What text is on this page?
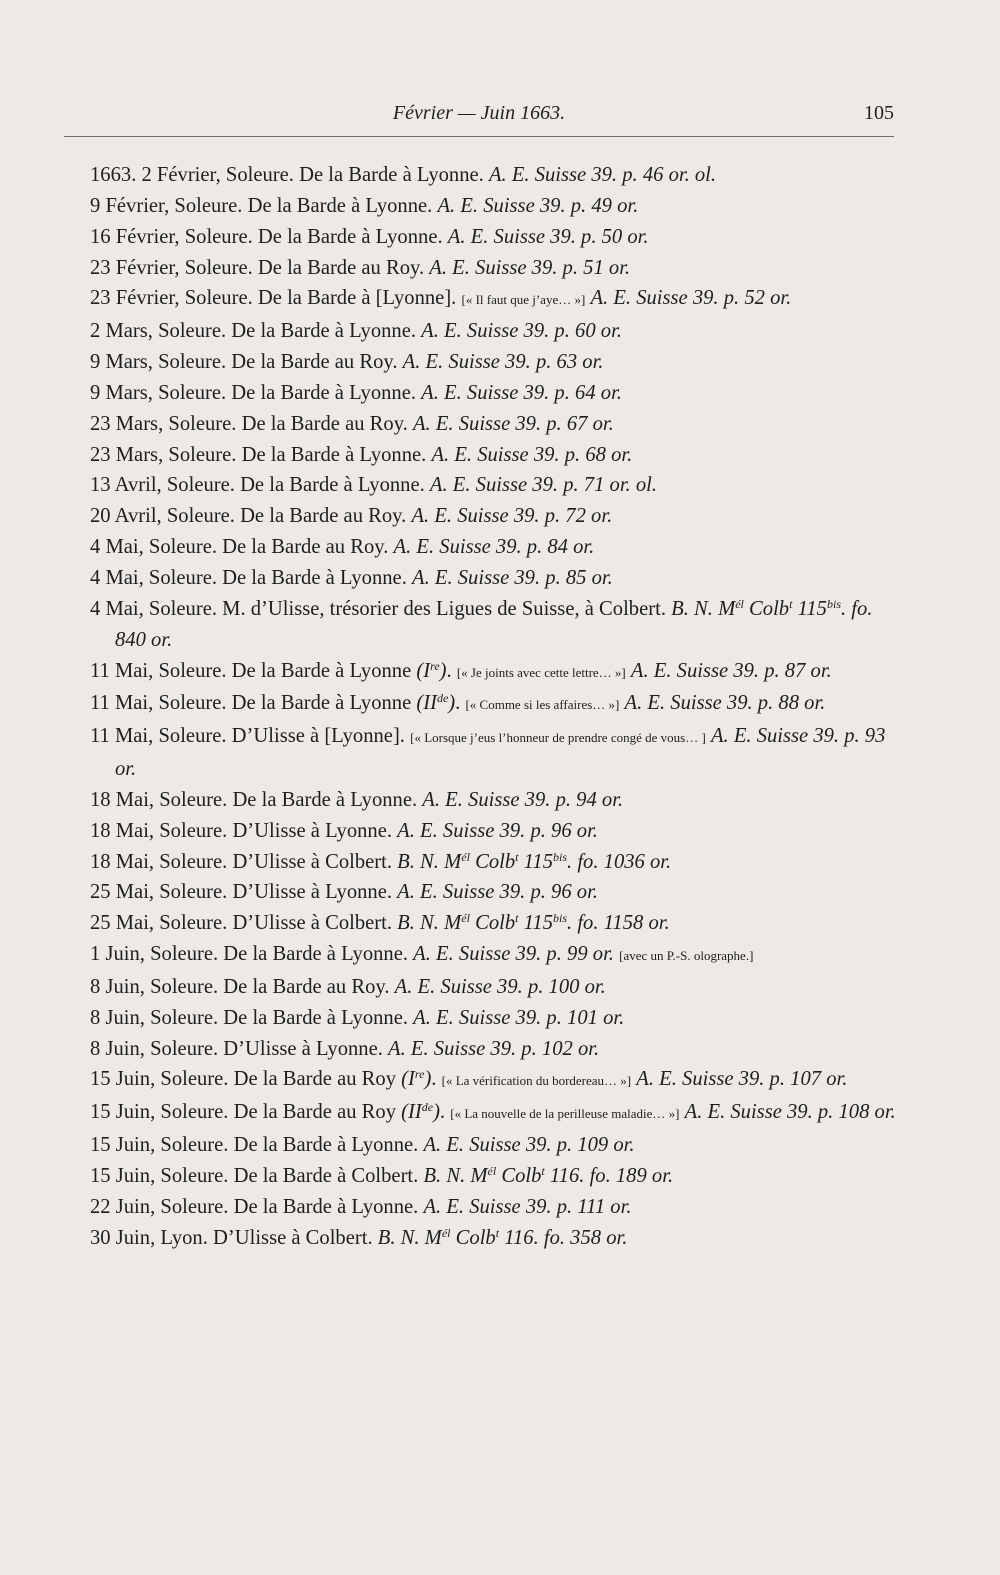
Février — Juin 1663.	105
1663. 2 Février, Soleure. De la Barde à Lyonne. A. E. Suisse 39. p. 46 or. ol.
9 Février, Soleure. De la Barde à Lyonne. A. E. Suisse 39. p. 49 or.
16 Février, Soleure. De la Barde à Lyonne. A. E. Suisse 39. p. 50 or.
23 Février, Soleure. De la Barde au Roy. A. E. Suisse 39. p. 51 or.
23 Février, Soleure. De la Barde à [Lyonne]. [« Il faut que j’aye… »] A. E. Suisse 39. p. 52 or.
2 Mars, Soleure. De la Barde à Lyonne. A. E. Suisse 39. p. 60 or.
9 Mars, Soleure. De la Barde au Roy. A. E. Suisse 39. p. 63 or.
9 Mars, Soleure. De la Barde à Lyonne. A. E. Suisse 39. p. 64 or.
23 Mars, Soleure. De la Barde au Roy. A. E. Suisse 39. p. 67 or.
23 Mars, Soleure. De la Barde à Lyonne. A. E. Suisse 39. p. 68 or.
13 Avril, Soleure. De la Barde à Lyonne. A. E. Suisse 39. p. 71 or. ol.
20 Avril, Soleure. De la Barde au Roy. A. E. Suisse 39. p. 72 or.
4 Mai, Soleure. De la Barde au Roy. A. E. Suisse 39. p. 84 or.
4 Mai, Soleure. De la Barde à Lyonne. A. E. Suisse 39. p. 85 or.
4 Mai, Soleure. M. d’Ulisse, trésorier des Ligues de Suisse, à Colbert. B. N. $M^{él}$ Colb$^t$ $115^{bis}$. fo. 840 or.
11 Mai, Soleure. De la Barde à Lyonne (Ire). [« Je joints avec cette lettre… »] A. E. Suisse 39. p. 87 or.
11 Mai, Soleure. De la Barde à Lyonne (IIde). [« Comme si les affaires… »] A. E. Suisse 39. p. 88 or.
11 Mai, Soleure. D’Ulisse à [Lyonne]. [« Lorsque j’eus l’honneur de prendre congé de vous… ] A. E. Suisse 39. p. 93 or.
18 Mai, Soleure. De la Barde à Lyonne. A. E. Suisse 39. p. 94 or.
18 Mai, Soleure. D’Ulisse à Lyonne. A. E. Suisse 39. p. 96 or.
18 Mai, Soleure. D’Ulisse à Colbert. B. N. $M^{él}$ Colb$^t$ $115^{bis}$. fo. 1036 or.
25 Mai, Soleure. D’Ulisse à Lyonne. A. E. Suisse 39. p. 96 or.
25 Mai, Soleure. D’Ulisse à Colbert. B. N. $M^{él}$ Colb$^t$ $115^{bis}$. fo. 1158 or.
1 Juin, Soleure. De la Barde à Lyonne. A. E. Suisse 39. p. 99 or. [avec un P.-S. olographe.]
8 Juin, Soleure. De la Barde au Roy. A. E. Suisse 39. p. 100 or.
8 Juin, Soleure. De la Barde à Lyonne. A. E. Suisse 39. p. 101 or.
8 Juin, Soleure. D’Ulisse à Lyonne. A. E. Suisse 39. p. 102 or.
15 Juin, Soleure. De la Barde au Roy (Ire). [« La vérification du bordereau… »] A. E. Suisse 39. p. 107 or.
15 Juin, Soleure. De la Barde au Roy (IIde). [« La nouvelle de la perilleuse maladie… »] A. E. Suisse 39. p. 108 or.
15 Juin, Soleure. De la Barde à Lyonne. A. E. Suisse 39. p. 109 or.
15 Juin, Soleure. De la Barde à Colbert. B. N. $M^{él}$ Colb$^t$ 116. fo. 189 or.
22 Juin, Soleure. De la Barde à Lyonne. A. E. Suisse 39. p. 111 or.
30 Juin, Lyon. D’Ulisse à Colbert. B. N. $M^{él}$ Colb$^t$ 116. fo. 358 or.
